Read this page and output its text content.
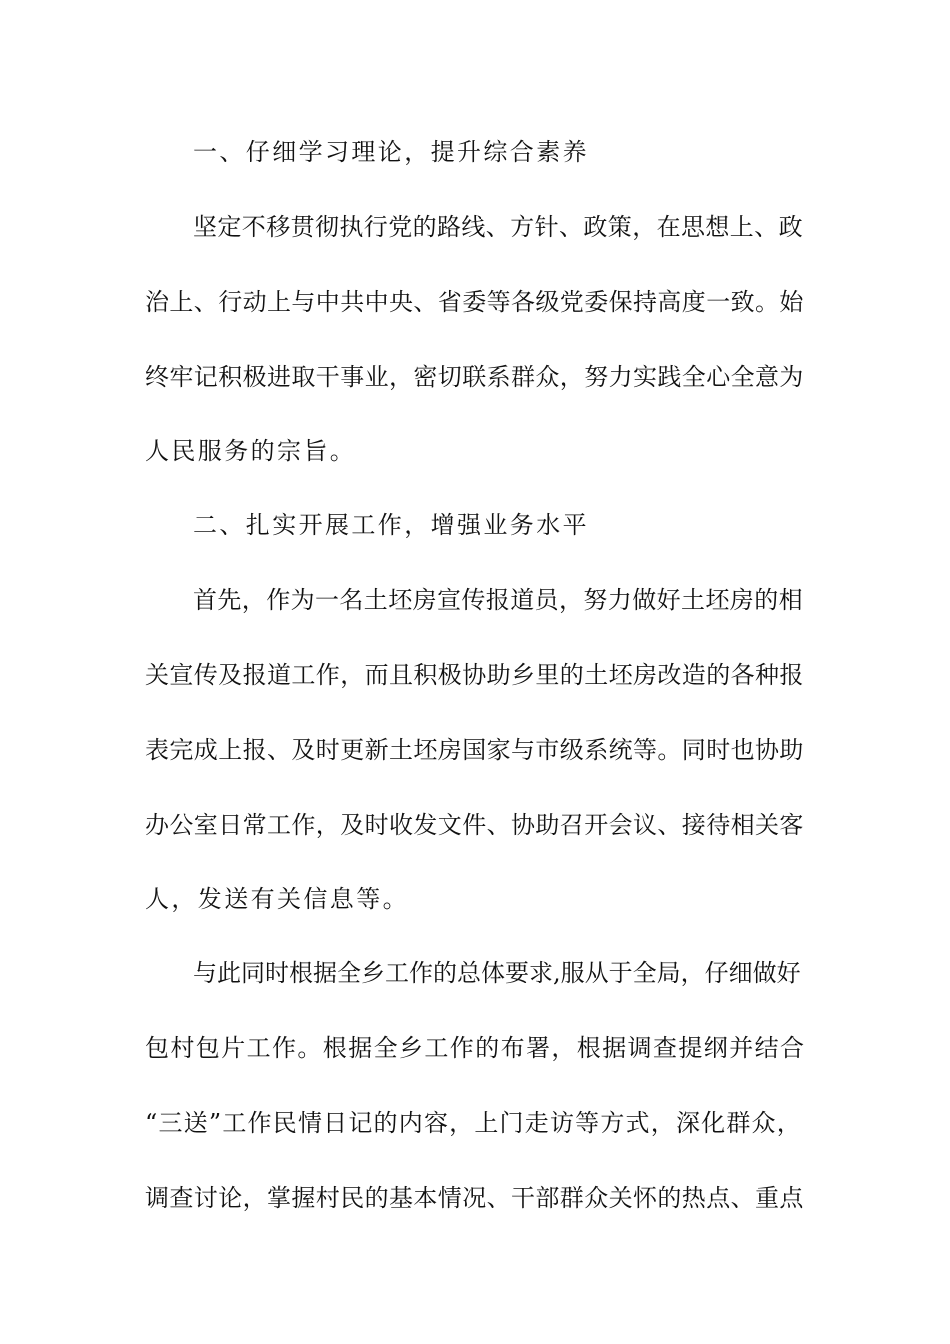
一、仔细学习理论，提升综合素养
坚定不移贯彻执行党的路线、方针、政策，在思想上、政
治上、行动上与中共中央、省委等各级党委保持高度一致。始
终牢记积极进取干事业，密切联系群众，努力实践全心全意为
人民服务的宗旨。
二、扎实开展工作，增强业务水平
首先，作为一名土坯房宣传报道员，努力做好土坯房的相
关宣传及报道工作，而且积极协助乡里的土坯房改造的各种报
表完成上报、及时更新土坯房国家与市级系统等。同时也协助
办公室日常工作，及时收发文件、协助召开会议、接待相关客
人，发送有关信息等。
与此同时根据全乡工作的总体要求,服从于全局，仔细做好
包村包片工作。根据全乡工作的布署，根据调查提纲并结合
“三送”工作民情日记的内容，上门走访等方式，深化群众，
调查讨论，掌握村民的基本情况、干部群众关怀的热点、重点
